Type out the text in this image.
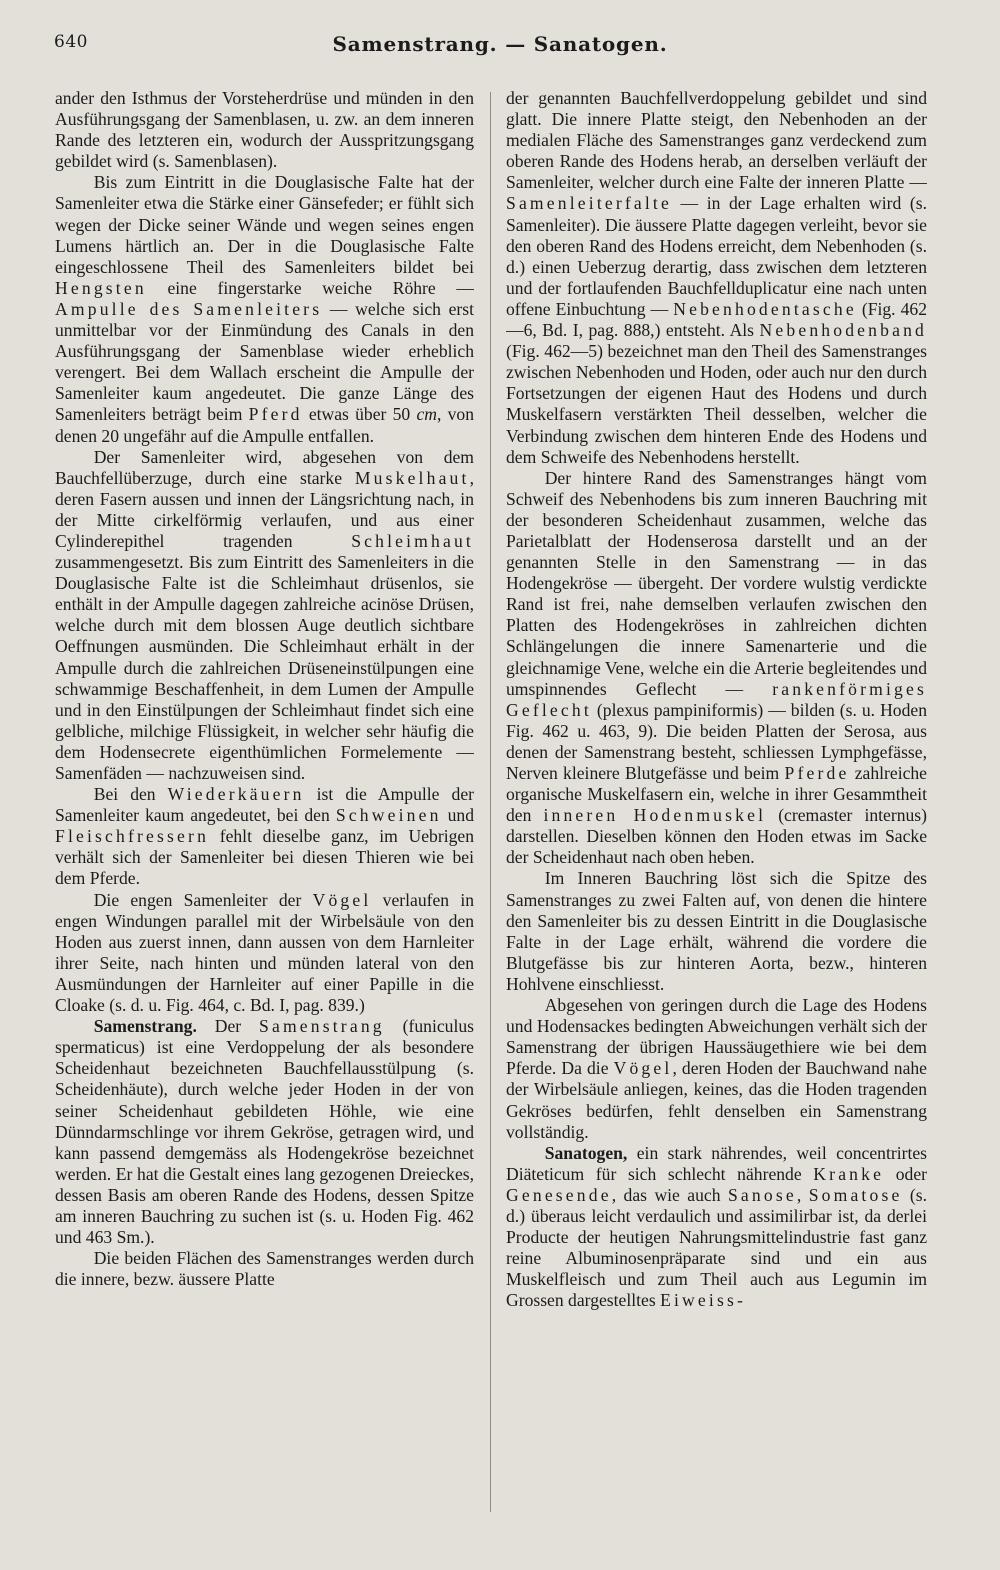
640	Samenstrang. — Sanatogen.

ander den Isthmus der Vorsteherdrüse und münden in den Ausführungsgang der Samenblasen, u. zw. an dem inneren Rande des letzteren ein, wodurch der Ausspritzungsgang gebildet wird (s. Samenblasen).

Bis zum Eintritt in die Douglasische Falte hat der Samenleiter etwa die Stärke einer Gänsefeder; er fühlt sich wegen der Dicke seiner Wände und wegen seines engen Lumens härtlich an. Der in die Douglasische Falte eingeschlossene Theil des Samenleiters bildet bei Hengsten eine fingerstarke weiche Röhre — Ampulle des Samenleiters — welche sich erst unmittelbar vor der Einmündung des Canals in den Ausführungsgang der Samenblase wieder erheblich verengert. Bei dem Wallach erscheint die Ampulle der Samenleiter kaum angedeutet. Die ganze Länge des Samenleiters beträgt beim Pferd etwas über 50 cm, von denen 20 ungefähr auf die Ampulle entfallen.

Der Samenleiter wird, abgesehen von dem Bauchfellüberzuge, durch eine starke Muskelhaut, deren Fasern aussen und innen der Längsrichtung nach, in der Mitte cirkelförmig verlaufen, und aus einer Cylinderepithel tragenden Schleimhaut zusammengesetzt. Bis zum Eintritt des Samenleiters in die Douglasische Falte ist die Schleimhaut drüsenlos, sie enthält in der Ampulle dagegen zahlreiche acinöse Drüsen, welche durch mit dem blossen Auge deutlich sichtbare Oeffnungen ausmünden. Die Schleimhaut erhält in der Ampulle durch die zahlreichen Drüseneinstülpungen eine schwammige Beschaffenheit, in dem Lumen der Ampulle und in den Einstülpungen der Schleimhaut findet sich eine gelbliche, milchige Flüssigkeit, in welcher sehr häufig die dem Hodensecrete eigenthümlichen Formelemente — Samenfäden — nachzuweisen sind.

Bei den Wiederkäuern ist die Ampulle der Samenleiter kaum angedeutet, bei den Schweinen und Fleischfressern fehlt dieselbe ganz, im Uebrigen verhält sich der Samenleiter bei diesen Thieren wie bei dem Pferde.

Die engen Samenleiter der Vögel verlaufen in engen Windungen parallel mit der Wirbelsäule von den Hoden aus zuerst innen, dann aussen von dem Harnleiter ihrer Seite, nach hinten und münden lateral von den Ausmündungen der Harnleiter auf einer Papille in die Cloake (s. d. u. Fig. 464, c. Bd. I, pag. 839.)

Samenstrang. Der Samenstrang (funiculus spermaticus) ist eine Verdoppelung der als besondere Scheidenhaut bezeichneten Bauchfellausstülpung (s. Scheidenhäute), durch welche jeder Hoden in der von seiner Scheidenhaut gebildeten Höhle, wie eine Dünndarmschlinge vor ihrem Gekröse, getragen wird, und kann passend demgemäss als Hodengekröse bezeichnet werden. Er hat die Gestalt eines lang gezogenen Dreieckes, dessen Basis am oberen Rande des Hodens, dessen Spitze am inneren Bauchring zu suchen ist (s. u. Hoden Fig. 462 und 463 Sm.).

Die beiden Flächen des Samenstranges werden durch die innere, bezw. äussere Platte

der genannten Bauchfellverdoppelung gebildet und sind glatt. Die innere Platte steigt, den Nebenhoden an der medialen Fläche des Samenstranges ganz verdeckend zum oberen Rande des Hodens herab, an derselben verläuft der Samenleiter, welcher durch eine Falte der inneren Platte — Samenleiterfalte — in der Lage erhalten wird (s. Samenleiter). Die äussere Platte dagegen verleiht, bevor sie den oberen Rand des Hodens erreicht, dem Nebenhoden (s. d.) einen Ueberzug derartig, dass zwischen dem letzteren und der fortlaufenden Bauchfellduplicatur eine nach unten offene Einbuchtung — Nebenhodentasche (Fig. 462—6, Bd. I, pag. 888,) entsteht. Als Nebenhodenband (Fig. 462—5) bezeichnet man den Theil des Samenstranges zwischen Nebenhoden und Hoden, oder auch nur den durch Fortsetzungen der eigenen Haut des Hodens und durch Muskelfasern verstärkten Theil desselben, welcher die Verbindung zwischen dem hinteren Ende des Hodens und dem Schweife des Nebenhodens herstellt.

Der hintere Rand des Samenstranges hängt vom Schweif des Nebenhodens bis zum inneren Bauchring mit der besonderen Scheidenhaut zusammen, welche das Parietalblatt der Hodenserosa darstellt und an der genannten Stelle in den Samenstrang — in das Hodengekröse — übergeht. Der vordere wulstig verdickte Rand ist frei, nahe demselben verlaufen zwischen den Platten des Hodengekröses in zahlreichen dichten Schlängelungen die innere Samenarterie und die gleichnamige Vene, welche ein die Arterie begleitendes und umspinnendes Geflecht — rankenförmiges Geflecht (plexus pampiniformis) — bilden (s. u. Hoden Fig. 462 u. 463, 9). Die beiden Platten der Serosa, aus denen der Samenstrang besteht, schliessen Lymphgefässe, Nerven kleinere Blutgefässe und beim Pferde zahlreiche organische Muskelfasern ein, welche in ihrer Gesammtheit den inneren Hodenmuskel (cremaster internus) darstellen. Dieselben können den Hoden etwas im Sacke der Scheidenhaut nach oben heben.

Im Inneren Bauchring löst sich die Spitze des Samenstranges zu zwei Falten auf, von denen die hintere den Samenleiter bis zu dessen Eintritt in die Douglasische Falte in der Lage erhält, während die vordere die Blutgefässe bis zur hinteren Aorta, bezw., hinteren Hohlvene einschliesst.

Abgesehen von geringen durch die Lage des Hodens und Hodensackes bedingten Abweichungen verhält sich der Samenstrang der übrigen Haussäugethiere wie bei dem Pferde. Da die Vögel, deren Hoden der Bauchwand nahe der Wirbelsäule anliegen, keines, das die Hoden tragenden Gekröses bedürfen, fehlt denselben ein Samenstrang vollständig.

Sanatogen, ein stark nährendes, weil concentrirtes Diäteticum für sich schlecht nährende Kranke oder Genesende, das wie auch Sanose, Somatose (s. d.) überaus leicht verdaulich und assimilirbar ist, da derlei Producte der heutigen Nahrungsmittelindustrie fast ganz reine Albuminosenpräparate sind und ein aus Muskelfleisch und zum Theil auch aus Legumin im Grossen dargestelltes Eiweiss-
